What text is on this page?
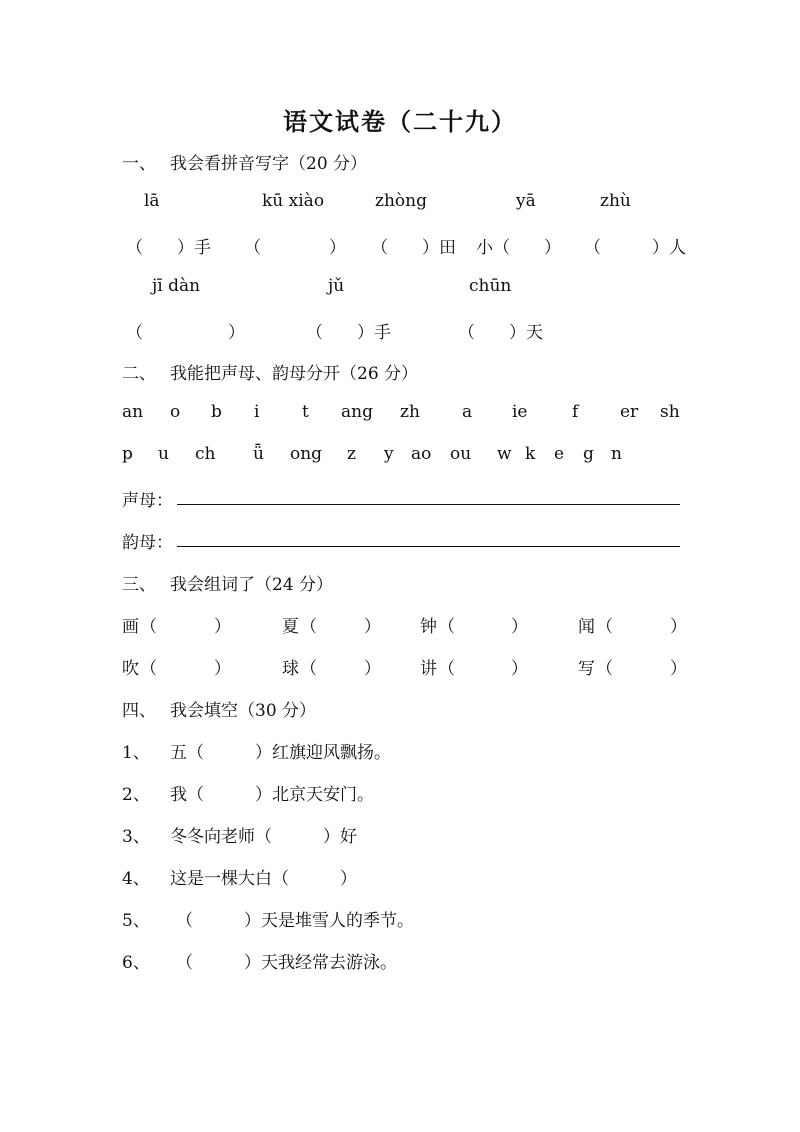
语文试卷（二十九）
一、 我会看拼音写字（20 分）
lā	kū xiào	zhòng	yā	zhù
（　　）手 （　　　　） （　　）田 小（　　） （　　　）人
jī dàn	jǔ	chūn
（　　　　　）	（　　）手	（　　）天
二、 我能把声母、韵母分开（26 分）
an o b i	t ang zh a ie	f er sh
p u ch ǖ ong z y ao ou w k e g n
声母：
韵母：
三、 我会组词了（24 分）
画 （	）	夏 （	） 钟 （	）	闻 （	）
吹 （	）	球 （	） 讲 （	）	写 （	）
四、 我会填空（30 分）
1、 五（　　　）红旗迎风飘扬。
2、 我（　　　）北京天安门。
3、 冬冬向老师（　　　）好
4、 这是一棵大白（　　　）
5、 （　　　）天是堆雪人的季节。
6、 （　　　）天我经常去游泳。
